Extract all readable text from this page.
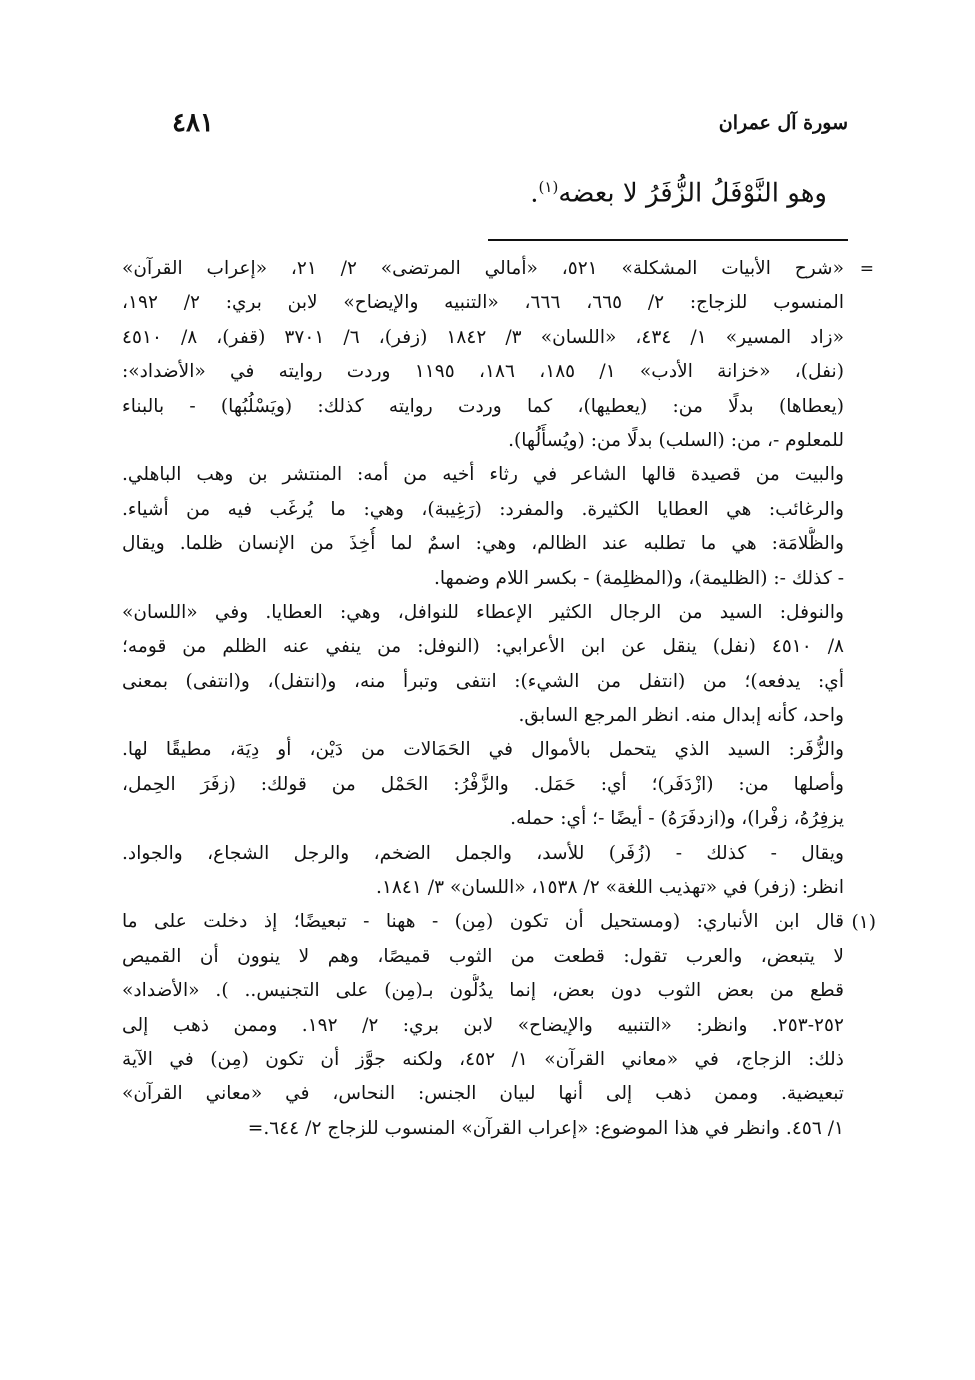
سورة آل عمران
٤٨١
وهو النَّوْفَلُ الزُّفَرُ لا بعضه$^{(١)}$.
=
(١)
«شرح الأبيات المشكلة» ٥٢١، «أمالي المرتضى» ٢/ ٢١، «إعراب القرآن»
المنسوب للزجاج: ٢/ ٦٦٥، ٦٦٦، «التنبيه والإيضاح» لابن بري: ٢/ ١٩٢،
«زاد المسير» ١/ ٤٣٤، «اللسان» ٣/ ١٨٤٢ (زفر)، ٦/ ٣٧٠١ (قفر)، ٨/ ٤٥١٠
(نفل)، «خزانة الأدب» ١/ ١٨٥، ١٨٦، ١١٩٥ وردت روايته في «الأضداد»:
(يعطاها) بدلًا من: (يعطيها)، كما وردت روايته كذلك: (ويَسْلُبُها) - بالبناء
للمعلوم -، من: (السلب) بدلًا من: (ويُسأَلُها).
والبيت من قصيدة قالها الشاعر في رثاء أخيه من أمه: المنتشر بن وهب الباهلي.
والرغائب: هي العطايا الكثيرة. والمفرد: (رَغِيبة)، وهي: ما يُرغَب فيه من أشياء.
والظُّلامَة: هي ما تطلبه عند الظالم، وهي: اسمٌ لما أُخِذَ من الإنسان ظلما. ويقال
- كذلك -: (الظليمة)، و(المظلِمة) - بكسر اللام وضمها.
والنوفل: السيد من الرجال الكثير الإعطاء للنوافل، وهي: العطايا. وفي «اللسان»
٨/ ٤٥١٠ (نفل) ينقل عن ابن الأعرابي: (النوفل: من ينفي عنه الظلم من قومه؛
أي: يدفعه)؛ من (انتفل من الشيء): انتفى وتبرأ منه، و(انتفل)، و(انتفى) بمعنى
واحد، كأنه إبدال منه. انظر المرجع السابق.
والزُّفَر: السيد الذي يتحمل بالأموال في الحَمَالات من دَيْن، أو دِيَة، مطيقًا لها.
وأصلها من: (ازْدَفَر)؛ أي: حَمَل. والزَّفْرُ: الحَمْل من قولك: (زفَرَ الحِمل،
يزفِرُهُ، زفْرا)، و(ازدفَرَهُ) - أيضًا -؛ أي: حمله.
ويقال - كذلك - (زُفَر) للأسد، والجمل الضخم، والرجل الشجاع، والجواد.
انظر: (زفر) في «تهذيب اللغة» ٢/ ١٥٣٨، «اللسان» ٣/ ١٨٤١.
قال ابن الأنباري: (ومستحيل أن تكون (مِن) - ههنا - تبعيضًا؛ إذ دخلت على ما
لا يتبعض، والعرب تقول: قطعت من الثوب قميصًا، وهم لا ينوون أن القميص
قطع من بعض الثوب دون بعض، إنما يدُلُّون بـ(مِن) على التجنيس.. ). «الأضداد»
٢٥٢-٢٥٣. وانظر: «التنبيه والإيضاح» لابن بري: ٢/ ١٩٢. وممن ذهب إلى
ذلك: الزجاج، في «معاني القرآن» ١/ ٤٥٢، ولكنه جوَّز أن تكون (مِن) في الآية
تبعيضية. وممن ذهب إلى أنها لبيان الجنس: النحاس، في «معاني القرآن»
١/ ٤٥٦. وانظر في هذا الموضوع: «إعراب القرآن» المنسوب للزجاج ٢/ ٦٤٤.=
